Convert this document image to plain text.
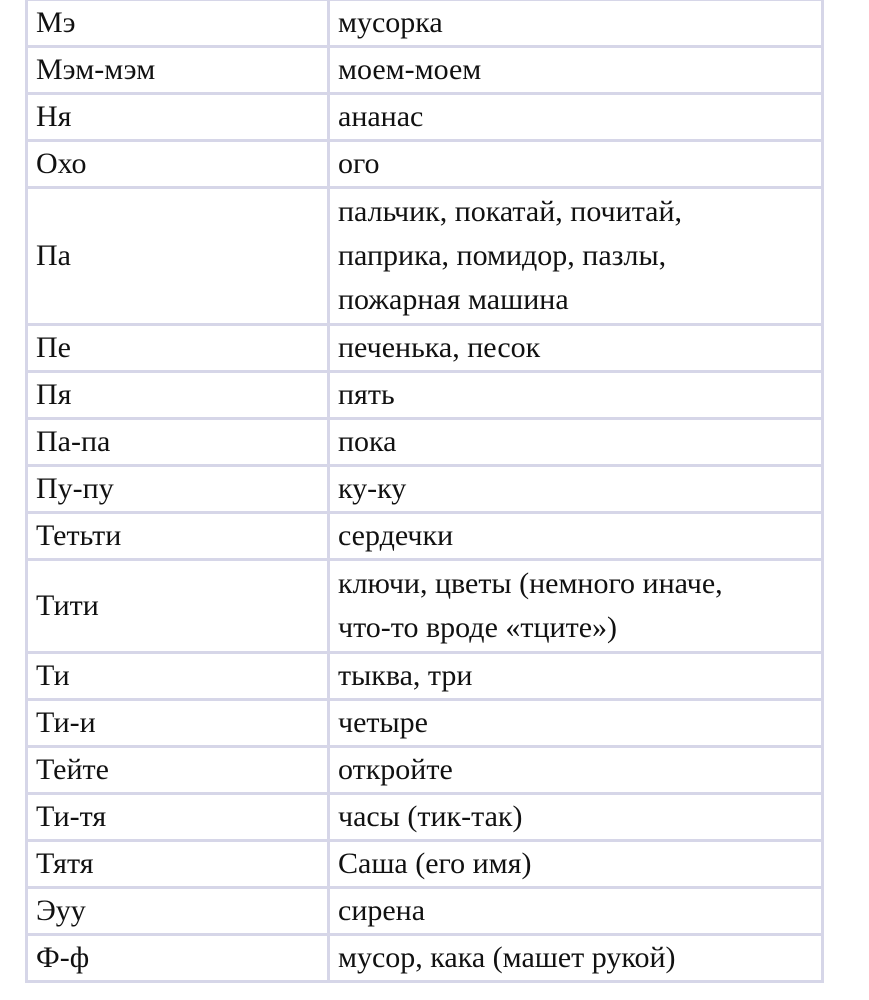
Мэ	мусорка
Мэм-мэм	моем-моем
Ня	ананас
Охо	ого
Па	пальчик, покатай, почитай,
паприка, помидор, пазлы,
пожарная машина

Пе	печенька, песок
Пя	пять
Па-па	пока
Пу-пу	ку-ку
Тетьти	сердечки
Тити	ключи, цветы (немного иначе,
что-то вроде «тците»)

Ти	тыква, три
Ти-и	четыре
Тейте	откройте
Ти-тя	часы (тик-так)
Тятя	Саша (его имя)
Эуу	сирена
Ф-ф	мусор, кака (машет рукой)
